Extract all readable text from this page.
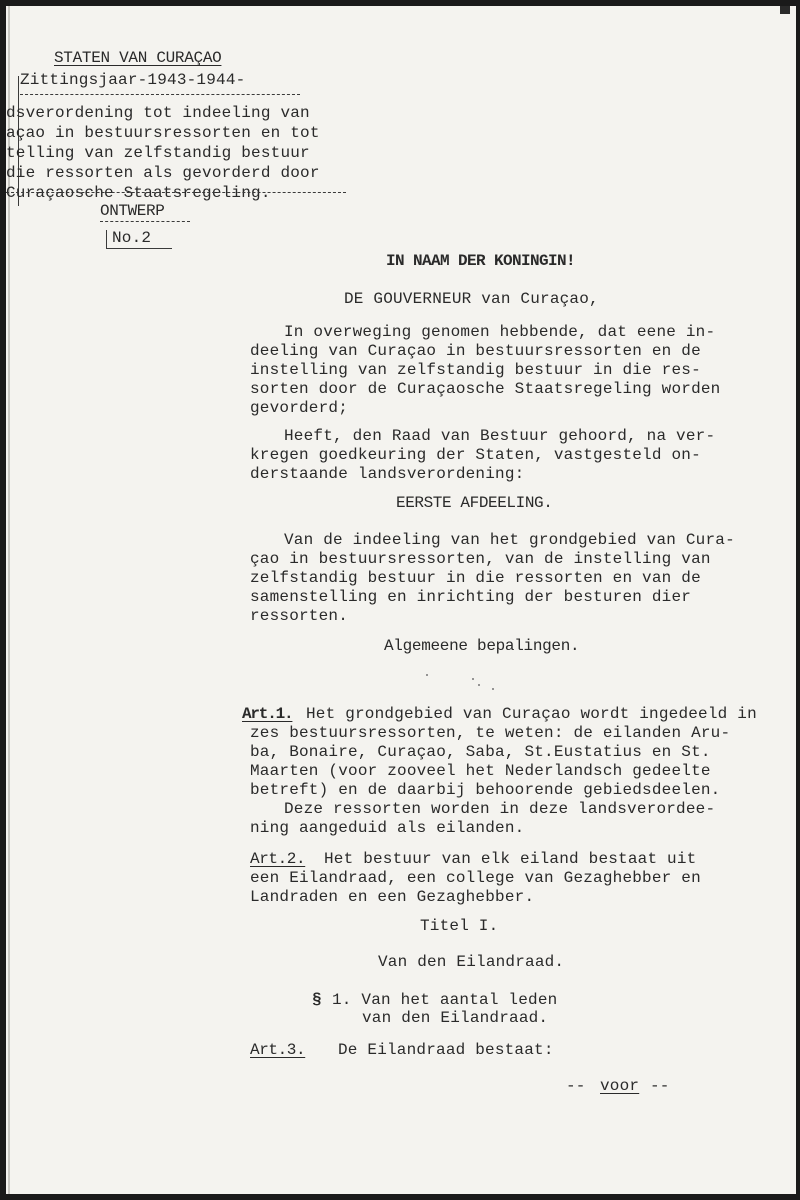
STATEN VAN CURAÇAO

Zittingsjaar-1943-1944-

dsverordening tot indeeling van

açao in bestuursressorten en tot

telling van zelfstandig bestuur

die ressorten als gevorderd door

Curaçaosche Staatsregeling.

ONTWERP

No.2

IN NAAM DER KONINGIN!

DE GOUVERNEUR van Curaçao,

In overweging genomen hebbende, dat eene in-

deeling van Curaçao in bestuursressorten en de

instelling van zelfstandig bestuur in die res-

sorten door de Curaçaosche Staatsregeling worden

gevorderd;

Heeft, den Raad van Bestuur gehoord, na ver-

kregen goedkeuring der Staten, vastgesteld on-

derstaande landsverordening:

EERSTE AFDEELING.

Van de indeeling van het grondgebied van Cura-

çao in bestuursressorten, van de instelling van

zelfstandig bestuur in die ressorten en van de

samenstelling en inrichting der besturen dier

ressorten.

Algemeene bepalingen.

Art.1. Het grondgebied van Curaçao wordt ingedeeld in

zes bestuursressorten, te weten: de eilanden Aru-

ba, Bonaire, Curaçao, Saba, St.Eustatius en St.

Maarten (voor zooveel het Nederlandsch gedeelte

betreft) en de daarbij behoorende gebiedsdeelen.

Deze ressorten worden in deze landsverordee-

ning aangeduid als eilanden.

Art.2. Het bestuur van elk eiland bestaat uit

een Eilandraad, een college van Gezaghebber en

Landraden en een Gezaghebber.

Titel I.

Van den Eilandraad.

§ 1. Van het aantal leden

van den Eilandraad.

Art.3. De Eilandraad bestaat:

-- voor --
